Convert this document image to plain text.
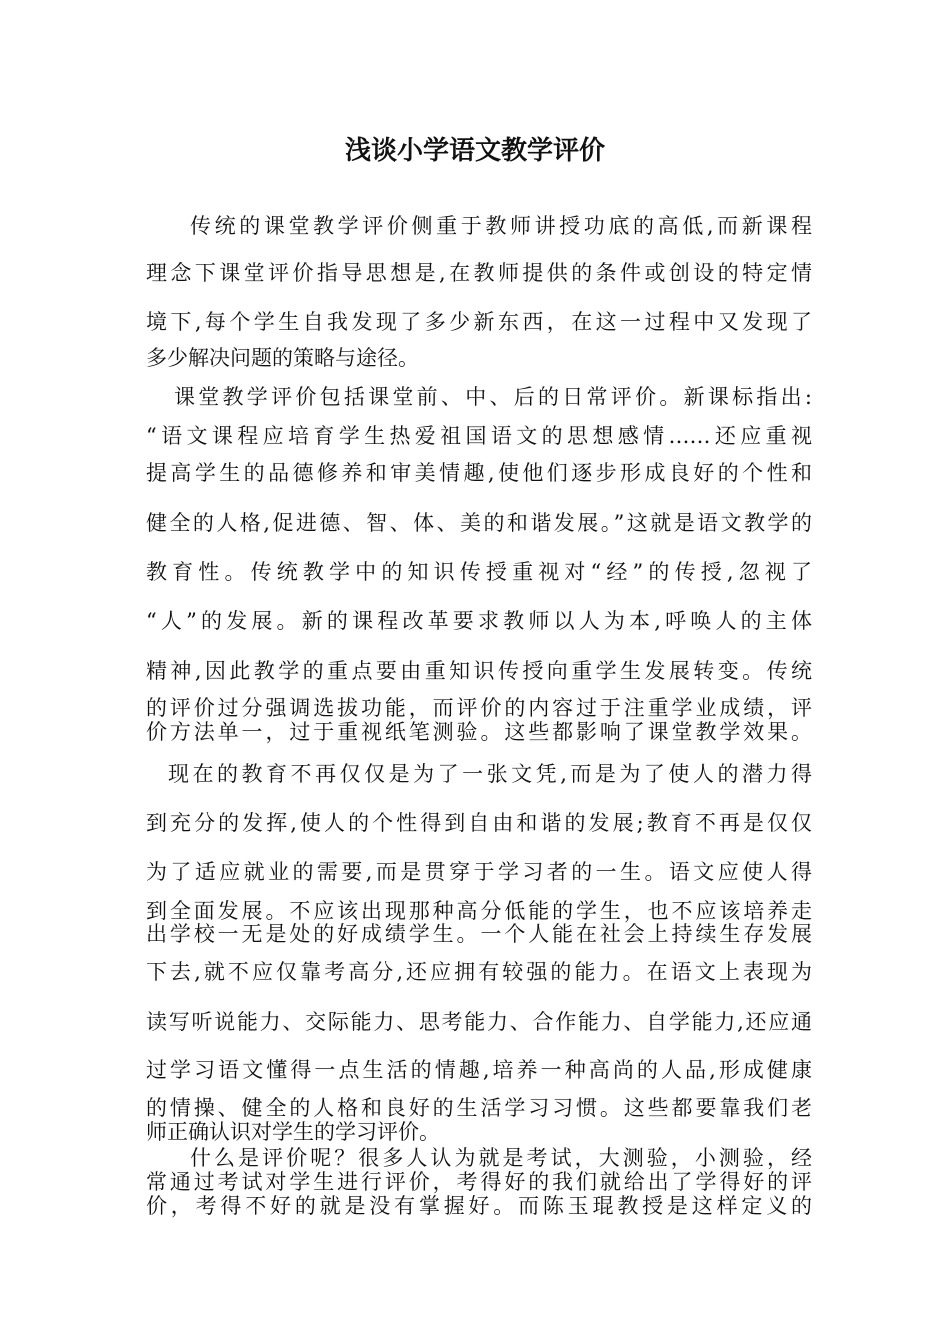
浅谈小学语文教学评价
传统的课堂教学评价侧重于教师讲授功底的高低,而新课程
理念下课堂评价指导思想是,在教师提供的条件或创设的特定情
境下,每个学生自我发现了多少新东西，在这一过程中又发现了
多少解决问题的策略与途径。
课堂教学评价包括课堂前、中、后的日常评价。新课标指出:
“语文课程应培育学生热爱祖国语文的思想感情……还应重视
提高学生的品德修养和审美情趣,使他们逐步形成良好的个性和
健全的人格,促进德、智、体、美的和谐发展。”这就是语文教学的
教育性。传统教学中的知识传授重视对“经”的传授,忽视了
“人”的发展。新的课程改革要求教师以人为本,呼唤人的主体
精神,因此教学的重点要由重知识传授向重学生发展转变。传统
的评价过分强调选拔功能，而评价的内容过于注重学业成绩，评
价方法单一，过于重视纸笔测验。这些都影响了课堂教学效果。
现在的教育不再仅仅是为了一张文凭,而是为了使人的潜力得
到充分的发挥,使人的个性得到自由和谐的发展;教育不再是仅仅
为了适应就业的需要,而是贯穿于学习者的一生。语文应使人得
到全面发展。不应该出现那种高分低能的学生，也不应该培养走
出学校一无是处的好成绩学生。一个人能在社会上持续生存发展
下去,就不应仅靠考高分,还应拥有较强的能力。在语文上表现为
读写听说能力、交际能力、思考能力、合作能力、自学能力,还应通
过学习语文懂得一点生活的情趣,培养一种高尚的人品,形成健康
的情操、健全的人格和良好的生活学习习惯。这些都要靠我们老
师正确认识对学生的学习评价。
什么是评价呢？很多人认为就是考试，大测验，小测验，经
常通过考试对学生进行评价，考得好的我们就给出了学得好的评
价，考得不好的就是没有掌握好。而陈玉琨教授是这样定义的
